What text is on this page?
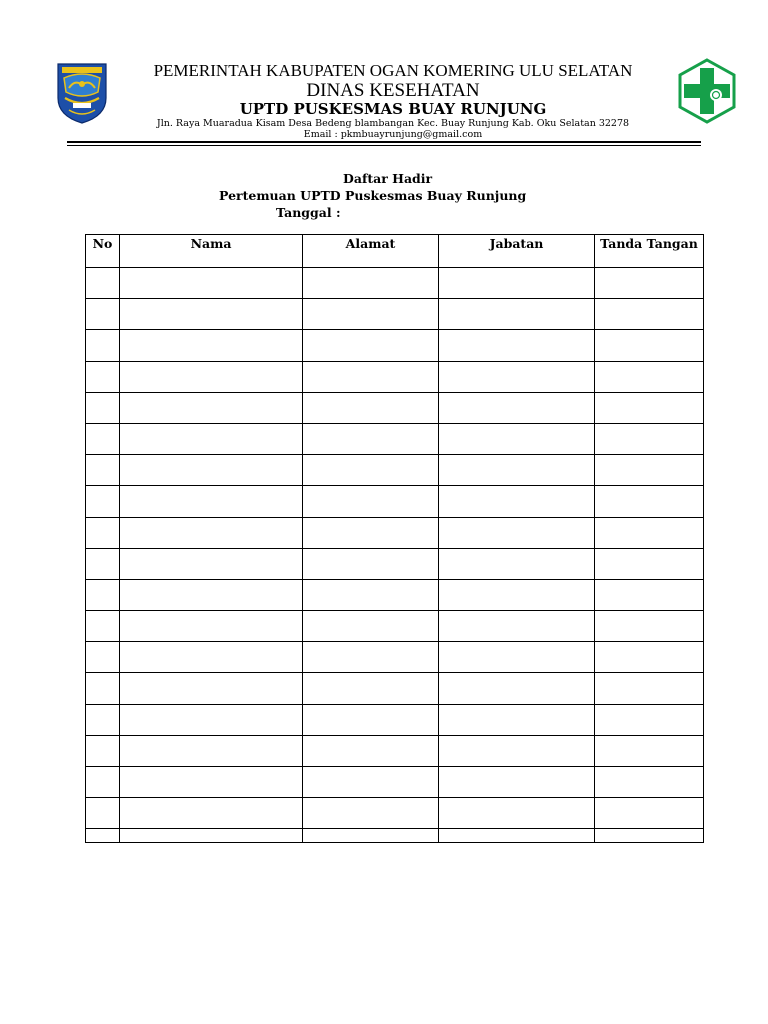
PEMERINTAH KABUPATEN OGAN KOMERING ULU SELATAN
DINAS KESEHATAN
UPTD PUSKESMAS BUAY RUNJUNG
Jln. Raya Muaradua Kisam Desa Bedeng blambangan Kec. Buay Runjung Kab. Oku Selatan 32278
Email : pkmbuayrunjung@gmail.com
Daftar Hadir
Pertemuan UPTD Puskesmas Buay Runjung
Tanggal :
No	Nama	Alamat	Jabatan	Tanda Tangan
